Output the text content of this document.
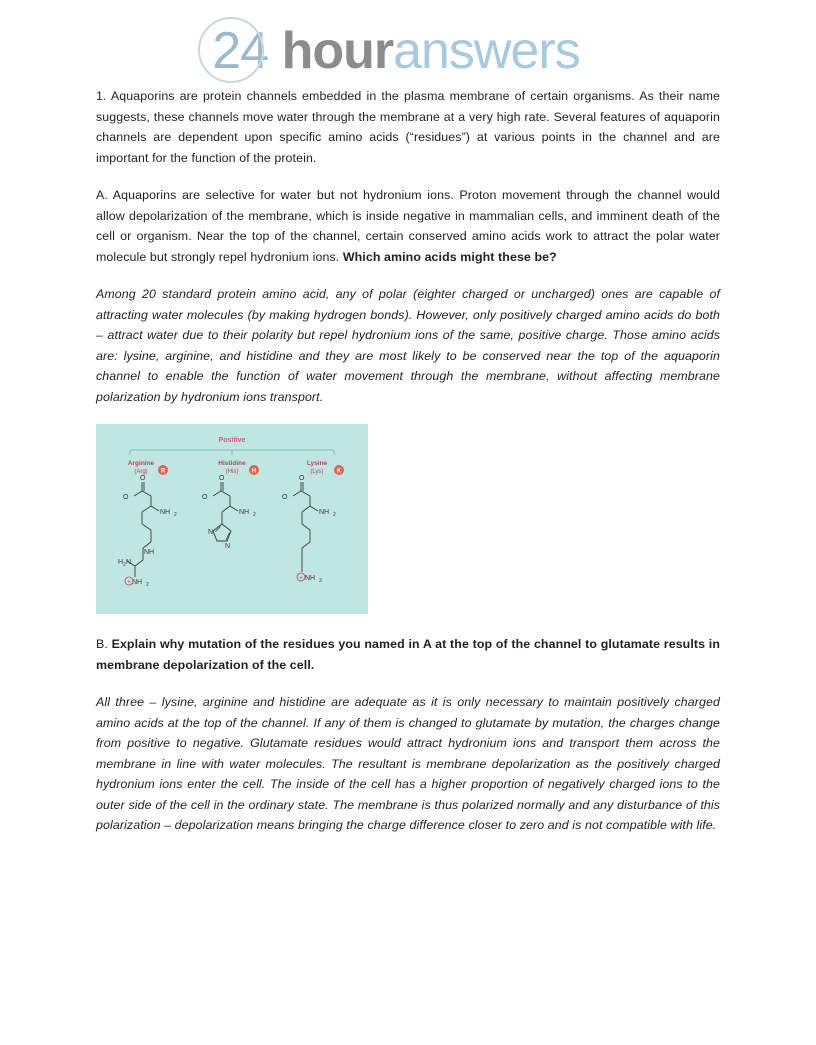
24 houranswers

1. Aquaporins are protein channels embedded in the plasma membrane of certain organisms. As their name suggests, these channels move water through the membrane at a very high rate. Several features of aquaporin channels are dependent upon specific amino acids (“residues”) at various points in the channel and are important for the function of the protein.

A. Aquaporins are selective for water but not hydronium ions. Proton movement through the channel would allow depolarization of the membrane, which is inside negative in mammalian cells, and imminent death of the cell or organism. Near the top of the channel, certain conserved amino acids work to attract the polar water molecule but strongly repel hydronium ions. Which amino acids might these be?

Among 20 standard protein amino acid, any of polar (eighter charged or uncharged) ones are capable of attracting water molecules (by making hydrogen bonds). However, only positively charged amino acids do both – attract water due to their polarity but repel hydronium ions of the same, positive charge. Those amino acids are: lysine, arginine, and histidine and they are most likely to be conserved near the top of the aquaporin channel to enable the function of water movement through the membrane, without affecting membrane polarization by hydronium ions transport.

Positive
Arginine
(Arg) R
Histidine
(His) H
Lysine
(Lys) K
O
O
NH 2
H 2 N
NH
NH 2
O
O
NH 2
N
N
O
O
NH 2
NH 3
+
+

B. Explain why mutation of the residues you named in A at the top of the channel to glutamate results in membrane depolarization of the cell.

All three – lysine, arginine and histidine are adequate as it is only necessary to maintain positively charged amino acids at the top of the channel. If any of them is changed to glutamate by mutation, the charges change from positive to negative. Glutamate residues would attract hydronium ions and transport them across the membrane in line with water molecules. The resultant is membrane depolarization as the positively charged hydronium ions enter the cell. The inside of the cell has a higher proportion of negatively charged ions to the outer side of the cell in the ordinary state. The membrane is thus polarized normally and any disturbance of this polarization – depolarization means bringing the charge difference closer to zero and is not compatible with life.
